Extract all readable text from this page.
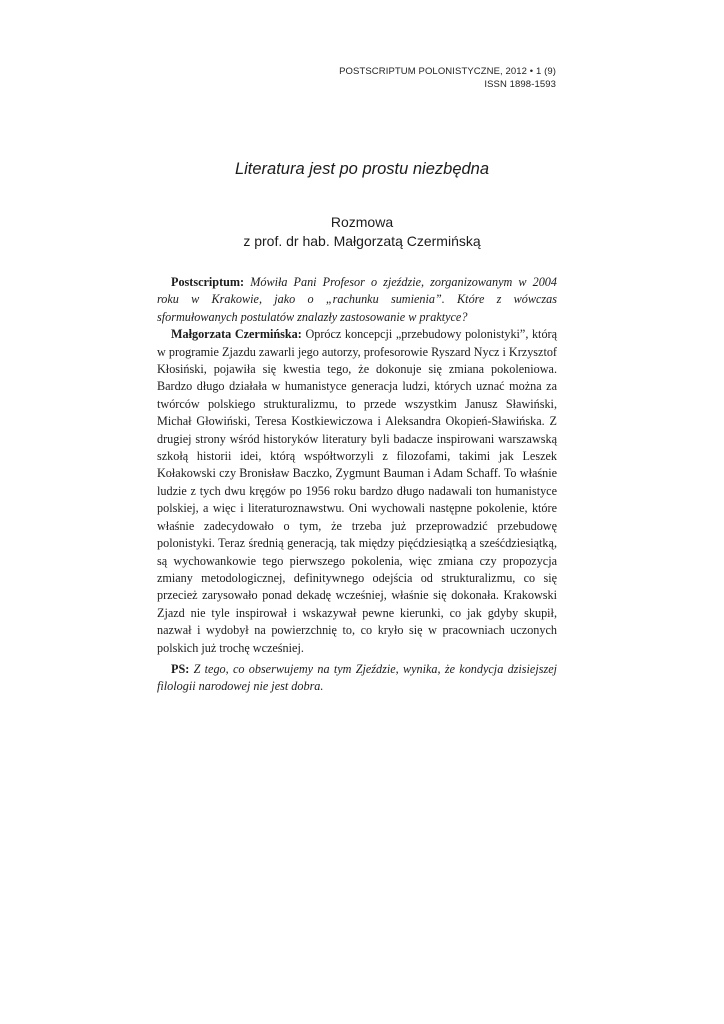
POSTSCRIPTUM POLONISTYCZNE, 2012 • 1 (9)
ISSN 1898-1593
Literatura jest po prostu niezbędna
Rozmowa
z prof. dr hab. Małgorzatą Czermińską

Postscriptum: Mówiła Pani Profesor o zjeździe, zorganizowanym w 2004 roku w Krakowie, jako o „rachunku sumienia”. Które z wówczas sformułowanych postulatów znalazły zastosowanie w praktyce?

Małgorzata Czermińska: Oprócz koncepcji „przebudowy polonistyki”, którą w programie Zjazdu zawarli jego autorzy, profesorowie Ryszard Nycz i Krzysztof Kłosiński, pojawiła się kwestia tego, że dokonuje się zmiana pokoleniowa. Bardzo długo działała w humanistyce generacja ludzi, których uznać można za twórców polskiego strukturalizmu, to przede wszystkim Janusz Sławiński, Michał Głowiński, Teresa Kostkiewiczowa i Aleksandra Okopień-Sławińska. Z drugiej strony wśród historyków literatury byli badacze inspirowani warszawską szkołą historii idei, którą współtworzyli z filozofami, takimi jak Leszek Kołakowski czy Bronisław Baczko, Zygmunt Bauman i Adam Schaff. To właśnie ludzie z tych dwu kręgów po 1956 roku bardzo długo nadawali ton humanistyce polskiej, a więc i literaturoznawstwu. Oni wychowali następne pokolenie, które właśnie zadecydowało o tym, że trzeba już przeprowadzić przebudowę polonistyki. Teraz średnią generacją, tak między pięćdziesiątką a sześćdziesiątką, są wychowankowie tego pierwszego pokolenia, więc zmiana czy propozycja zmiany metodologicznej, definitywnego odejścia od strukturalizmu, co się przecież zarysowało ponad dekadę wcześniej, właśnie się dokonała. Krakowski Zjazd nie tyle inspirował i wskazywał pewne kierunki, co jak gdyby skupił, nazwał i wydobył na powierzchnię to, co kryło się w pracowniach uczonych polskich już trochę wcześniej.

PS: Z tego, co obserwujemy na tym Zjeździe, wynika, że kondycja dzisiejszej filologii narodowej nie jest dobra.
